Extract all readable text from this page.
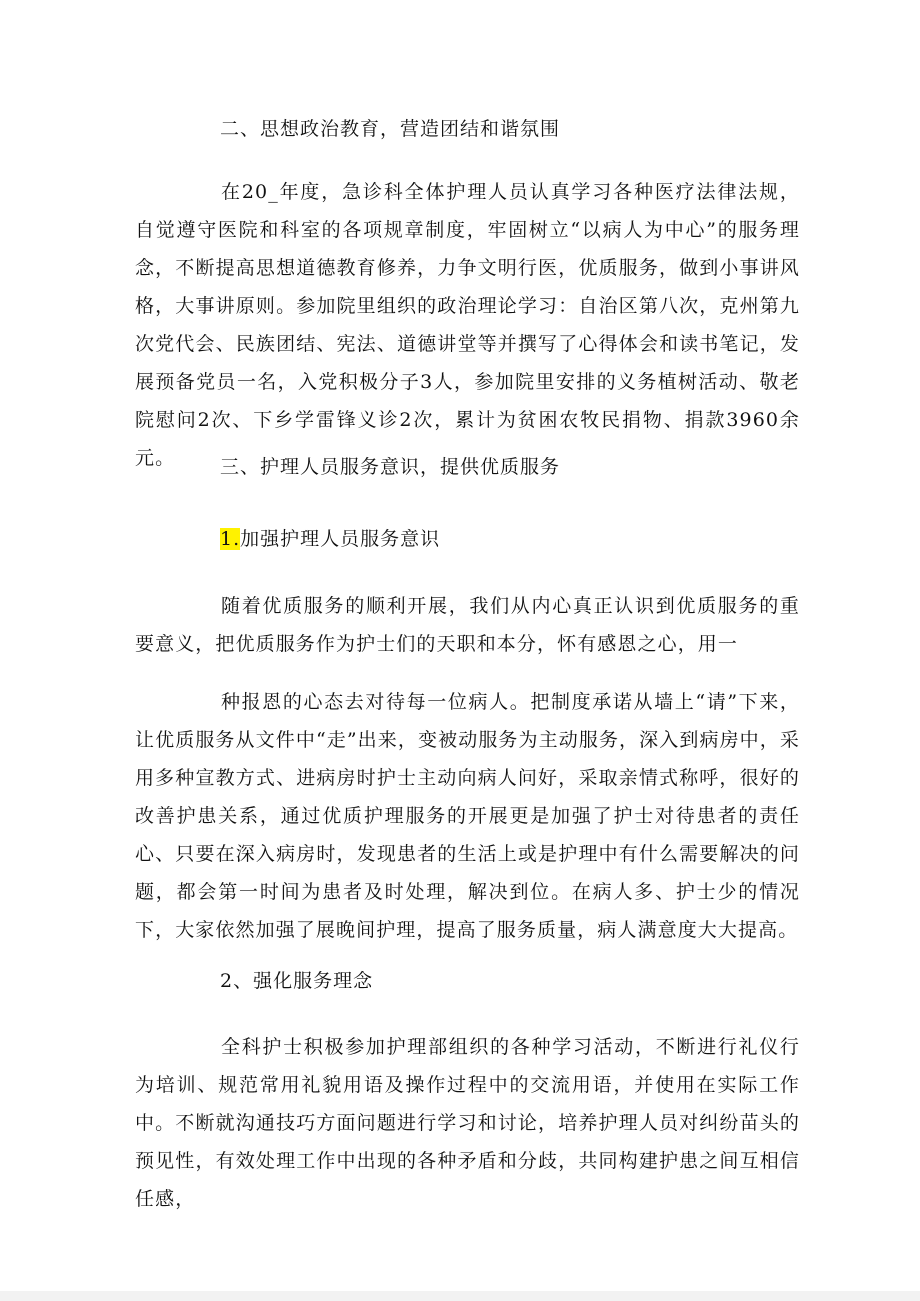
二、思想政治教育，营造团结和谐氛围

在20_年度，急诊科全体护理人员认真学习各种医疗法律法规，自觉遵守医院和科室的各项规章制度，牢固树立“以病人为中心”的服务理念，不断提高思想道德教育修养，力争文明行医，优质服务，做到小事讲风格，大事讲原则。参加院里组织的政治理论学习：自治区第八次，克州第九次党代会、民族团结、宪法、道德讲堂等并撰写了心得体会和读书笔记，发展预备党员一名，入党积极分子3人，参加院里安排的义务植树活动、敬老院慰问2次、下乡学雷锋义诊2次，累计为贫困农牧民捐物、捐款3960余元。	三、护理人员服务意识，提供优质服务
1.加强护理人员服务意识

随着优质服务的顺利开展，我们从内心真正认识到优质服务的重要意义，把优质服务作为护士们的天职和本分，怀有感恩之心，用一

种报恩的心态去对待每一位病人。把制度承诺从墙上“请”下来，让优质服务从文件中“走”出来，变被动服务为主动服务，深入到病房中，采用多种宣教方式、进病房时护士主动向病人问好，采取亲情式称呼，很好的改善护患关系，通过优质护理服务的开展更是加强了护士对待患者的责任心、只要在深入病房时，发现患者的生活上或是护理中有什么需要解决的问题，都会第一时间为患者及时处理，解决到位。在病人多、护士少的情况下，大家依然加强了展晚间护理，提高了服务质量，病人满意度大大提高。

2、强化服务理念

全科护士积极参加护理部组织的各种学习活动，不断进行礼仪行为培训、规范常用礼貌用语及操作过程中的交流用语，并使用在实际工作中。不断就沟通技巧方面问题进行学习和讨论，培养护理人员对纠纷苗头的预见性，有效处理工作中出现的各种矛盾和分歧，共同构建护患之间互相信任感，
